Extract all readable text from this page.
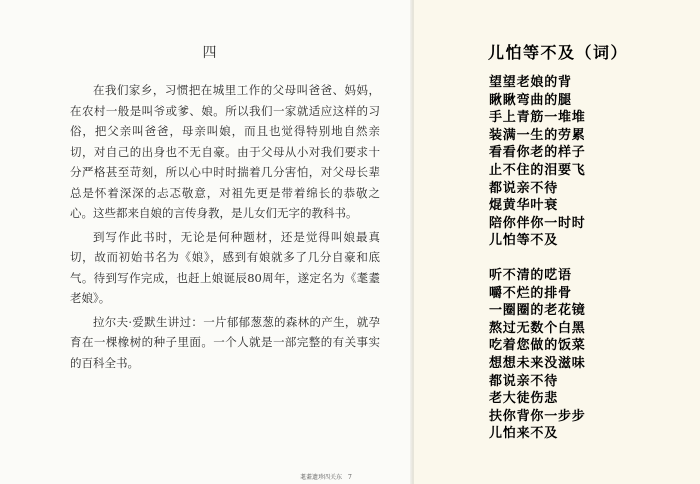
四

在我们家乡，习惯把在城里工作的父母叫爸爸、妈妈，在农村一般是叫爷或爹、娘。所以我们一家就适应这样的习俗，把父亲叫爸爸，母亲叫娘，而且也觉得特别地自然亲切，对自己的出身也不无自豪。由于父母从小对我们要求十分严格甚至苛刻，所以心中时时揣着几分害怕，对父母长辈总是怀着深深的忐忑敬意，对祖先更是带着绵长的恭敬之心。这些都来自娘的言传身教，是儿女们无字的教科书。

到写作此书时，无论是何种题材，还是觉得叫娘最真切，故而初始书名为《娘》，感到有娘就多了几分自豪和底气。待到写作完成，也赶上娘诞辰80周年，遂定名为《耄耋老娘》。

拉尔夫·爱默生讲过：一片郁郁葱葱的森林的产生，就孕育在一棵橡树的种子里面。一个人就是一部完整的有关事实的百科全书。

耄耋遗珍四关东　7
儿怕等不及（词）
望望老娘的背
瞅瞅弯曲的腿
手上青筋一堆堆
装满一生的劳累
看看你老的样子
止不住的泪要飞
都说亲不待
焜黄华叶衰
陪你伴你一时时
儿怕等不及
听不清的呓语
嚼不烂的排骨
一圈圈的老花镜
熬过无数个白黑
吃着您做的饭菜
想想未来没滋味
都说亲不待
老大徒伤悲
扶你背你一步步
儿怕来不及
